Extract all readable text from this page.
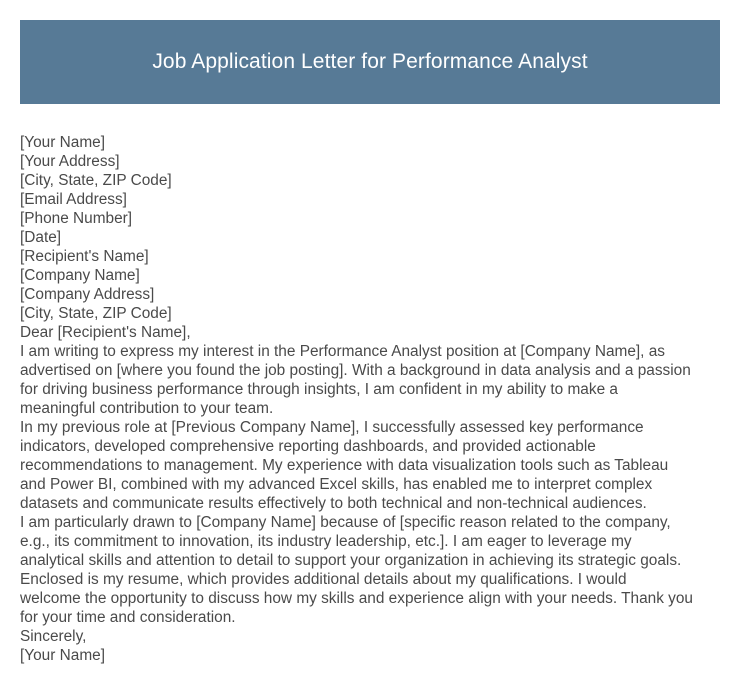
Job Application Letter for Performance Analyst
[Your Name]
[Your Address]
[City, State, ZIP Code]
[Email Address]
[Phone Number]
[Date]
[Recipient's Name]
[Company Name]
[Company Address]
[City, State, ZIP Code]
Dear [Recipient's Name],
I am writing to express my interest in the Performance Analyst position at [Company Name], as
advertised on [where you found the job posting]. With a background in data analysis and a passion
for driving business performance through insights, I am confident in my ability to make a
meaningful contribution to your team.
In my previous role at [Previous Company Name], I successfully assessed key performance
indicators, developed comprehensive reporting dashboards, and provided actionable
recommendations to management. My experience with data visualization tools such as Tableau
and Power BI, combined with my advanced Excel skills, has enabled me to interpret complex
datasets and communicate results effectively to both technical and non-technical audiences.
I am particularly drawn to [Company Name] because of [specific reason related to the company,
e.g., its commitment to innovation, its industry leadership, etc.]. I am eager to leverage my
analytical skills and attention to detail to support your organization in achieving its strategic goals.
Enclosed is my resume, which provides additional details about my qualifications. I would
welcome the opportunity to discuss how my skills and experience align with your needs. Thank you
for your time and consideration.
Sincerely,
[Your Name]
